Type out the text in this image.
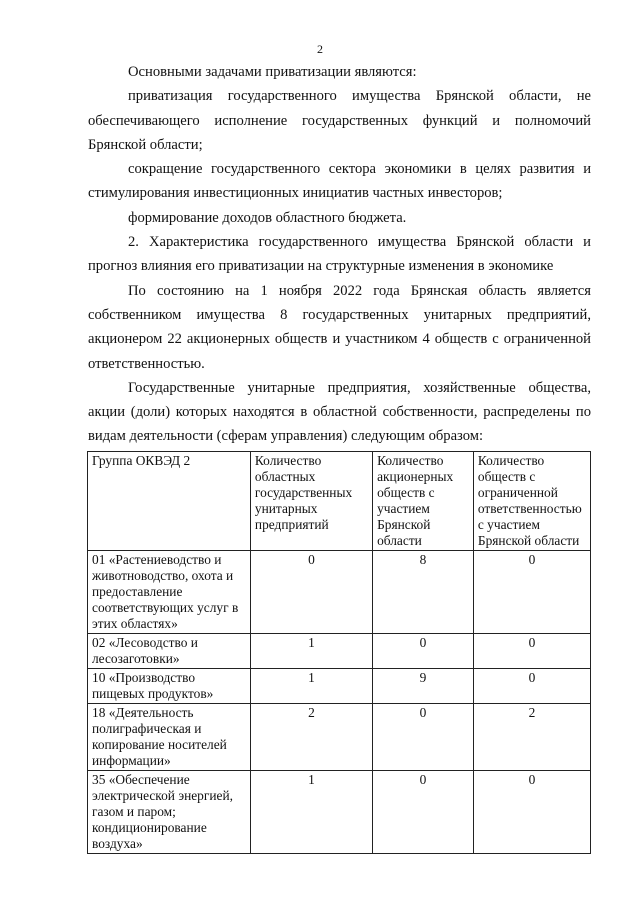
2

Основными задачами приватизации являются:

приватизация государственного имущества Брянской области, не обеспечивающего исполнение государственных функций и полномочий Брянской области;

сокращение государственного сектора экономики в целях развития и стимулирования инвестиционных инициатив частных инвесторов;

формирование доходов областного бюджета.

2. Характеристика государственного имущества Брянской области и прогноз влияния его приватизации на структурные изменения в экономике

По состоянию на 1 ноября 2022 года Брянская область является собственником имущества 8 государственных унитарных предприятий, акционером 22 акционерных обществ и участником 4 обществ с ограниченной ответственностью.

Государственные унитарные предприятия, хозяйственные общества, акции (доли) которых находятся в областной собственности, распределены по видам деятельности (сферам управления) следующим образом:

Группа ОКВЭД 2	Количество областных государственных унитарных предприятий	Количество акционерных обществ с участием Брянской области	Количество обществ с ограниченной ответственностью с участием Брянской области
01 «Растениеводство и животноводство, охота и предоставление соответствующих услуг в этих областях»	0	8	0
02 «Лесоводство и лесозаготовки»	1	0	0
10 «Производство пищевых продуктов»	1	9	0
18 «Деятельность полиграфическая и копирование носителей информации»	2	0	2
35 «Обеспечение электрической энергией, газом и паром; кондиционирование воздуха»	1	0	0
